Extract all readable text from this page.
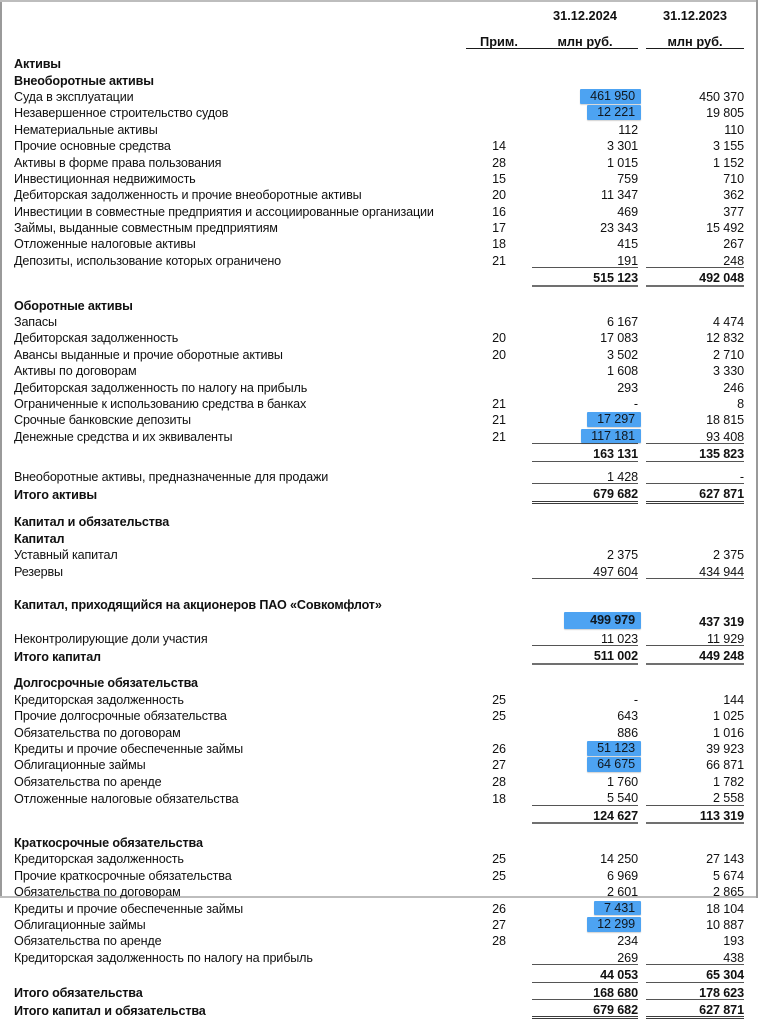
		31.12.2024		31.12.2023

	Прим.	млн руб.		млн руб.

Активы				
Внеоборотные активы				
Суда в эксплуатации		461 950		450 370
Незавершенное строительство судов		12 221		19 805
Нематериальные активы		112		110
Прочие основные средства	14	3 301		3 155
Активы в форме права пользования	28	1 015		1 152
Инвестиционная недвижимость	15	759		710
Дебиторская задолженность и прочие внеоборотные активы	20	11 347		362
Инвестиции в совместные предприятия и ассоциированные организации	16	469		377
Займы, выданные совместным предприятиям	17	23 343		15 492
Отложенные налоговые активы	18	415		267
Депозиты, использование которых ограничено	21	191		248
		515 123		492 048

Оборотные активы				
Запасы		6 167		4 474
Дебиторская задолженность	20	17 083		12 832
Авансы выданные и прочие оборотные активы	20	3 502		2 710
Активы по договорам		1 608		3 330
Дебиторская задолженность по налогу на прибыль		293		246
Ограниченные к использованию средства в банках	21	-		8
Срочные банковские депозиты	21	17 297		18 815
Денежные средства и их эквиваленты	21	117 181		93 408
		163 131		135 823

Внеоборотные активы, предназначенные для продажи		1 428		-
Итого активы		679 682		627 871

Капитал и обязательства				
Капитал				
Уставный капитал		2 375		2 375
Резервы		497 604		434 944

Капитал, приходящийся на акционеров ПАО «Совкомфлот»				
		499 979		437 319
Неконтролирующие доли участия		11 023		11 929
Итого капитал		511 002		449 248

Долгосрочные обязательства				
Кредиторская задолженность	25	-		144
Прочие долгосрочные обязательства	25	643		1 025
Обязательства по договорам		886		1 016
Кредиты и прочие обеспеченные займы	26	51 123		39 923
Облигационные займы	27	64 675		66 871
Обязательства по аренде	28	1 760		1 782
Отложенные налоговые обязательства	18	5 540		2 558
		124 627		113 319

Краткосрочные обязательства				
Кредиторская задолженность	25	14 250		27 143
Прочие краткосрочные обязательства	25	6 969		5 674
Обязательства по договорам		2 601		2 865
Кредиты и прочие обеспеченные займы	26	7 431		18 104
Облигационные займы	27	12 299		10 887
Обязательства по аренде	28	234		193
Кредиторская задолженность по налогу на прибыль		269		438
		44 053		65 304
Итого обязательства		168 680		178 623
Итого капитал и обязательства		679 682		627 871
